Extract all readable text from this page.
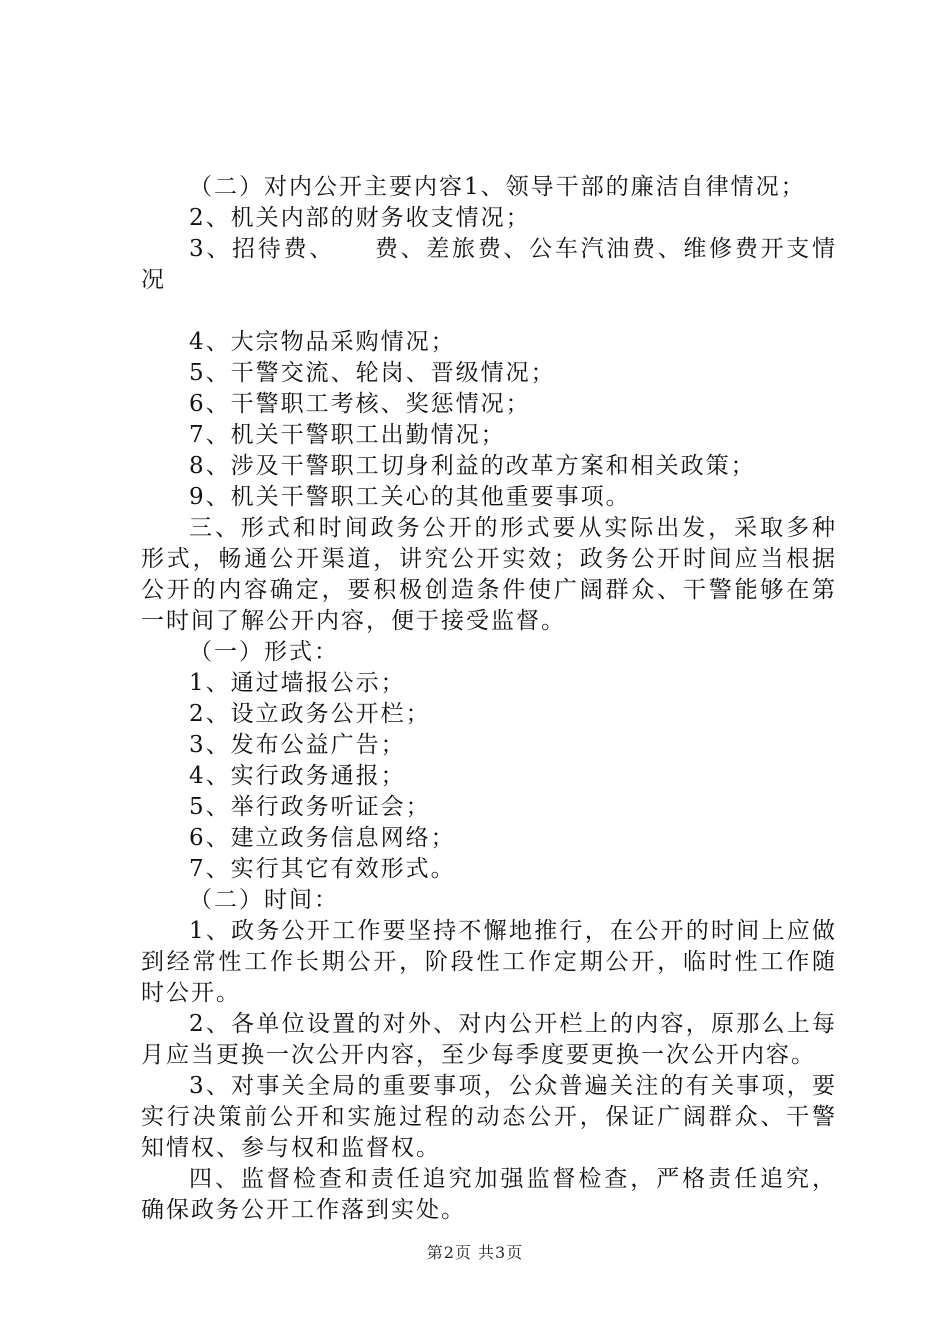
（二）对内公开主要内容1、领导干部的廉洁自律情况；

2、机关内部的财务收支情况；

3、招待费、　　费、差旅费、公车汽油费、维修费开支情况

4、大宗物品采购情况；

5、干警交流、轮岗、晋级情况；

6、干警职工考核、奖惩情况；

7、机关干警职工出勤情况；

8、涉及干警职工切身利益的改革方案和相关政策；

9、机关干警职工关心的其他重要事项。

三、形式和时间政务公开的形式要从实际出发，采取多种形式，畅通公开渠道，讲究公开实效；政务公开时间应当根据公开的内容确定，要积极创造条件使广阔群众、干警能够在第一时间了解公开内容，便于接受监督。

（一）形式：

1、通过墙报公示；

2、设立政务公开栏；

3、发布公益广告；

4、实行政务通报；

5、举行政务听证会；

6、建立政务信息网络；

7、实行其它有效形式。

（二）时间：

1、政务公开工作要坚持不懈地推行，在公开的时间上应做到经常性工作长期公开，阶段性工作定期公开，临时性工作随时公开。

2、各单位设置的对外、对内公开栏上的内容，原那么上每月应当更换一次公开内容，至少每季度要更换一次公开内容。

3、对事关全局的重要事项，公众普遍关注的有关事项，要实行决策前公开和实施过程的动态公开，保证广阔群众、干警知情权、参与权和监督权。

四、监督检查和责任追究加强监督检查，严格责任追究，确保政务公开工作落到实处。

第2页 共3页
